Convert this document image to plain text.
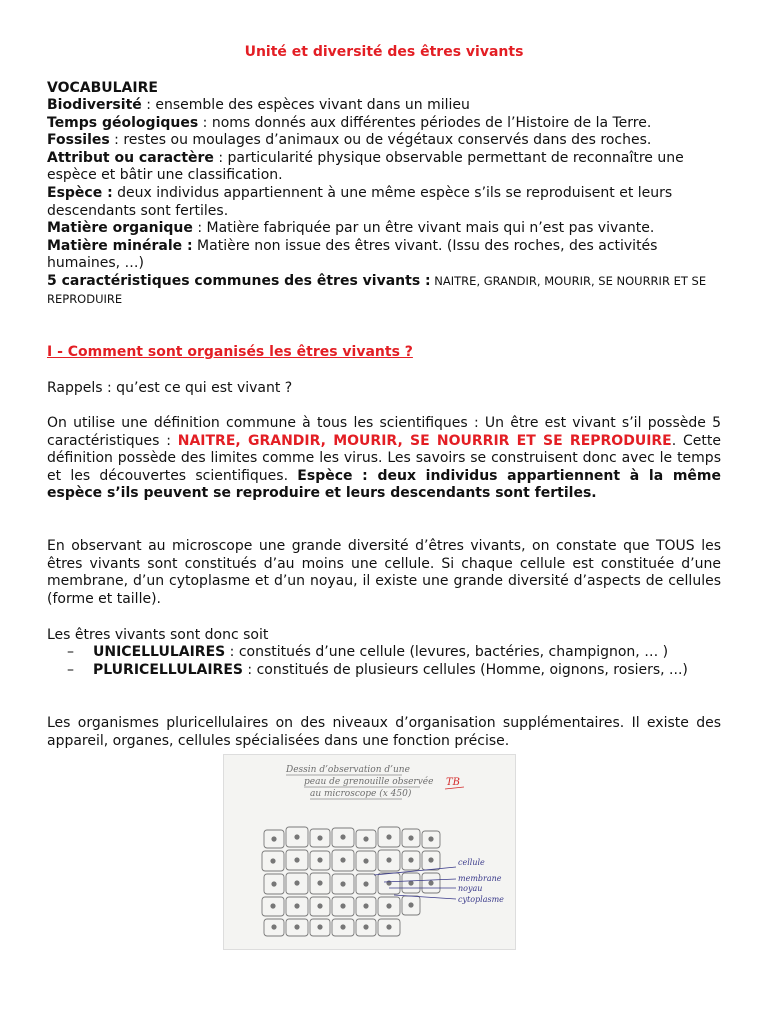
Unité et diversité des êtres vivants
VOCABULAIRE

Biodiversité : ensemble des espèces vivant dans un milieu

Temps géologiques : noms donnés aux différentes périodes de l’Histoire de la Terre.

Fossiles : restes ou moulages d’animaux ou de végétaux conservés dans des roches.

Attribut ou caractère : particularité physique observable permettant de reconnaître une espèce et bâtir une classification.

Espèce : deux individus appartiennent à une même espèce s’ils se reproduisent et leurs descendants sont fertiles.

Matière organique : Matière fabriquée par un être vivant mais qui n’est pas vivante.

Matière minérale : Matière non issue des êtres vivant. (Issu des roches, des activités humaines, …)

5 caractéristiques communes des êtres vivants : NAITRE, GRANDIR, MOURIR, SE NOURRIR ET SE REPRODUIRE

I - Comment sont organisés les êtres vivants ?

Rappels : qu’est ce qui est vivant ?

On utilise une définition commune à tous les scientifiques : Un être est vivant s’il possède 5 caractéristiques : NAITRE, GRANDIR, MOURIR, SE NOURRIR ET SE REPRODUIRE. Cette définition possède des limites comme les virus. Les savoirs se construisent donc avec le temps et les découvertes scientifiques. Espèce : deux individus appartiennent à la même espèce s’ils peuvent se reproduire et leurs descendants sont fertiles.

En observant au microscope une grande diversité d’êtres vivants, on constate que TOUS les êtres vivants sont constitués d’au moins une cellule. Si chaque cellule est constituée d’une membrane, d’un cytoplasme et d’un noyau, il existe une grande diversité d’aspects de cellules (forme et taille).

Les êtres vivants sont donc soit

– UNICELLULAIRES : constitués d’une cellule (levures, bactéries, champignon, … )
– PLURICELLULAIRES : constitués de plusieurs cellules (Homme, oignons, rosiers, ...)

Les organismes pluricellulaires on des niveaux d’organisation supplémentaires. Il existe des appareil, organes, cellules spécialisées dans une fonction précise.

Dessin d’observation d’une
peau de grenouille observée
au microscope (x 450)
TB
cellule
membrane
noyau
cytoplasme
